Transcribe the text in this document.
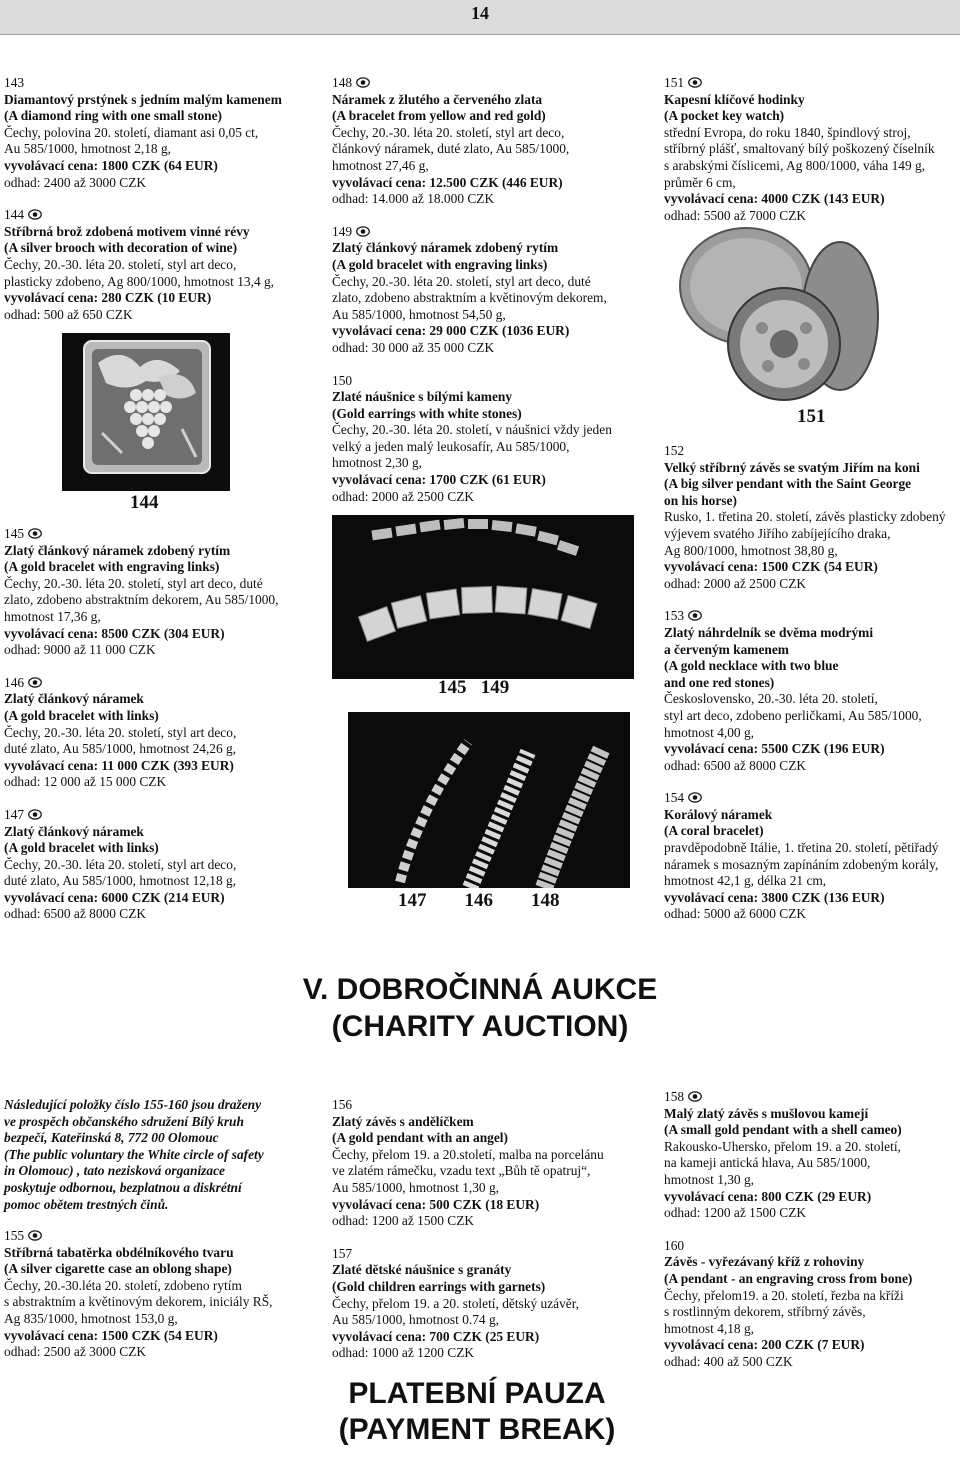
14
143
Diamantový prstýnek s jedním malým kamenem
(A diamond ring with one small stone)
Čechy, polovina 20. století, diamant asi 0,05 ct,
Au 585/1000, hmotnost 2,18 g,
vyvolávací cena: 1800 CZK (64 EUR)
odhad: 2400 až 3000 CZK
144
Stříbrná brož zdobená motivem vinné révy
(A silver brooch with decoration of wine)
Čechy, 20.-30. léta 20. století, styl art deco,
plasticky zdobeno, Ag 800/1000, hmotnost 13,4 g,
vyvolávací cena: 280 CZK (10 EUR)
odhad: 500 až 650 CZK
144
145
Zlatý článkový náramek zdobený rytím
(A gold bracelet with engraving links)
Čechy, 20.-30. léta 20. století, styl art deco, duté
zlato, zdobeno abstraktním dekorem, Au 585/1000,
hmotnost 17,36 g,
vyvolávací cena: 8500 CZK (304 EUR)
odhad: 9000 až 11 000 CZK
146
Zlatý článkový náramek
(A gold bracelet with links)
Čechy, 20.-30. léta 20. století, styl art deco,
duté zlato, Au 585/1000, hmotnost 24,26 g,
vyvolávací cena: 11 000 CZK (393 EUR)
odhad: 12 000 až 15 000 CZK
147
Zlatý článkový náramek
(A gold bracelet with links)
Čechy, 20.-30. léta 20. století, styl art deco,
duté zlato, Au 585/1000, hmotnost 12,18 g,
vyvolávací cena: 6000 CZK (214 EUR)
odhad: 6500 až 8000 CZK
148
Náramek z žlutého a červeného zlata
(A bracelet from yellow and red gold)
Čechy, 20.-30. léta 20. století, styl art deco,
článkový náramek, duté zlato, Au 585/1000,
hmotnost 27,46 g,
vyvolávací cena: 12.500 CZK (446 EUR)
odhad: 14.000 až 18.000 CZK
149
Zlatý článkový náramek zdobený rytím
(A gold bracelet with engraving links)
Čechy, 20.-30. léta 20. století, styl art deco, duté
zlato, zdobeno abstraktním a květinovým dekorem,
Au 585/1000, hmotnost 54,50 g,
vyvolávací cena: 29 000 CZK (1036 EUR)
odhad: 30 000 až 35 000 CZK
150
Zlaté náušnice s bílými kameny
(Gold earrings with white stones)
Čechy, 20.-30. léta 20. století, v náušnici vždy jeden
velký a jeden malý leukosafír, Au 585/1000,
hmotnost 2,30 g,
vyvolávací cena: 1700 CZK (61 EUR)
odhad: 2000 až 2500 CZK
145   149
147        146        148
151
Kapesní klíčové hodinky
(A pocket key watch)
střední Evropa, do roku 1840, špindlový stroj,
stříbrný plášť, smaltovaný bílý poškozený číselník
s arabskými číslicemi, Ag 800/1000, váha 149 g,
průměr 6 cm,
vyvolávací cena: 4000 CZK (143 EUR)
odhad: 5500 až 7000 CZK
151
152
Velký stříbrný závěs se svatým Jiřím na koni
(A big silver pendant with the Saint George
on his horse)
Rusko, 1. třetina 20. století, závěs plasticky zdobený
výjevem svatého Jiřího zabíjejícího draka,
Ag 800/1000, hmotnost 38,80 g,
vyvolávací cena: 1500 CZK (54 EUR)
odhad: 2000 až 2500 CZK
153
Zlatý náhrdelník se dvěma modrými
a červeným kamenem
(A gold necklace with two blue
and one red stones)
Československo, 20.-30. léta 20. století,
styl art deco, zdobeno perličkami, Au 585/1000,
hmotnost 4,00 g,
vyvolávací cena: 5500 CZK (196 EUR)
odhad: 6500 až 8000 CZK
154
Korálový náramek
(A coral bracelet)
pravděpodobně Itálie, 1. třetina 20. století, pětiřadý
náramek s mosazným zapínáním zdobeným korály,
hmotnost 42,1 g, délka 21 cm,
vyvolávací cena: 3800 CZK (136 EUR)
odhad: 5000 až 6000 CZK
V. DOBROČINNÁ AUKCE
(CHARITY AUCTION)
Následující položky číslo 155-160 jsou draženy
ve prospěch občanského sdružení Bílý kruh
bezpečí, Kateřinská 8, 772 00 Olomouc
(The public voluntary the White circle of safety
in Olomouc) , tato nezisková organizace
poskytuje odbornou, bezplatnou a diskrétní
pomoc obětem trestných činů.
155
Stříbrná tabatěrka obdélníkového tvaru
(A silver cigarette case an oblong shape)
Čechy, 20.-30.léta 20. století, zdobeno rytím
s abstraktním a květinovým dekorem, iniciály RŠ,
Ag 835/1000, hmotnost 153,0 g,
vyvolávací cena: 1500 CZK (54 EUR)
odhad: 2500 až 3000 CZK
156
Zlatý závěs s andělíčkem
(A gold pendant with an angel)
Čechy, přelom 19. a 20.století, malba na porcelánu
ve zlatém rámečku, vzadu text „Bůh tě opatruj“,
Au 585/1000, hmotnost 1,30 g,
vyvolávací cena: 500 CZK (18 EUR)
odhad: 1200 až 1500 CZK
157
Zlaté dětské náušnice s granáty
(Gold children earrings with garnets)
Čechy, přelom 19. a 20. století, dětský uzávěr,
Au 585/1000, hmotnost 0.74 g,
vyvolávací cena: 700 CZK (25 EUR)
odhad: 1000 až 1200 CZK
158
Malý zlatý závěs s mušlovou kamejí
(A small gold pendant with a shell cameo)
Rakousko-Uhersko, přelom 19. a 20. století,
na kameji antická hlava, Au 585/1000,
hmotnost 1,30 g,
vyvolávací cena: 800 CZK (29 EUR)
odhad: 1200 až 1500 CZK
160
Závěs - vyřezávaný kříž z rohoviny
(A pendant - an engraving cross from bone)
Čechy, přelom19. a 20. století, řezba na kříži
s rostlinným dekorem, stříbrný závěs,
hmotnost 4,18 g,
vyvolávací cena: 200 CZK (7 EUR)
odhad: 400 až 500 CZK
PLATEBNÍ PAUZA
(PAYMENT BREAK)
